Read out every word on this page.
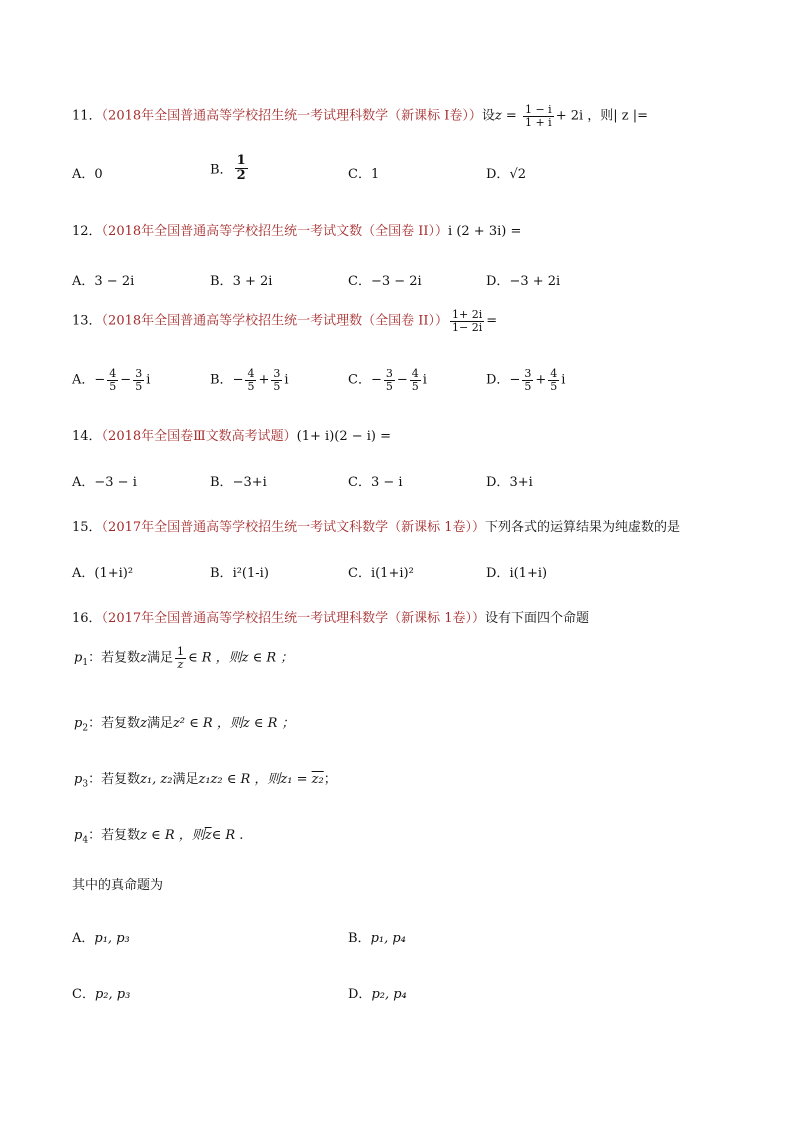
11．（2018年全国普通高等学校招生统一考试理科数学（新课标 I卷））设$z = \frac{1 - i}{1 + i} + 2i$ ，则| z |=
A．0	B． $\frac{1}{2}$	C．1	D．√2
12．（2018年全国普通高等学校招生统一考试文数（全国卷 II））i (2 + 3i) =
A．3 − 2i	B．3 + 2i	C．−3 − 2i	D．−3 + 2i
13．（2018年全国普通高等学校招生统一考试理数（全国卷 $II)) \frac{1+ 2i}{1- 2i}$ =
A．− $\frac{4}{5} - \frac{3}{5}$ i	B．− $\frac{4}{5} + \frac{3}{5}$ i	C．− $\frac{3}{5} - \frac{4}{5}$ i	D．− $\frac{3}{5} + \frac{4}{5}$ i
14．（2018年全国卷Ⅲ文数高考试题）(1+ i)(2 − i) =
A．−3 − i	B．−3+i	C．3 − i	D．3+i
15．（2017年全国普通高等学校招生统一考试文科数学（新课标 1卷））下列各式的运算结果为纯虚数的是
A．(1+i)²	B．i²(1-i)	C．i(1+i)²	D．i(1+i)
16．（2017年全国普通高等学校招生统一考试理科数学（新课标 1卷））设有下面四个命题
$p_1$：若复数z满足 $\frac{1}{z}$ ∈ R ，则z ∈ R ；
$p_2$：若复数z满足z² ∈ R ，则z ∈ R ；
$p_3$：若复数z₁, z₂满足z₁z₂ ∈ R ，则z₁ = z₂；
$p_4$：若复数z ∈ R ，则$\overline{z}\in$ R .
其中的真命题为
A．p₁, p₃	B．p₁, p₄
C．p₂, p₃	D．p₂, p₄
